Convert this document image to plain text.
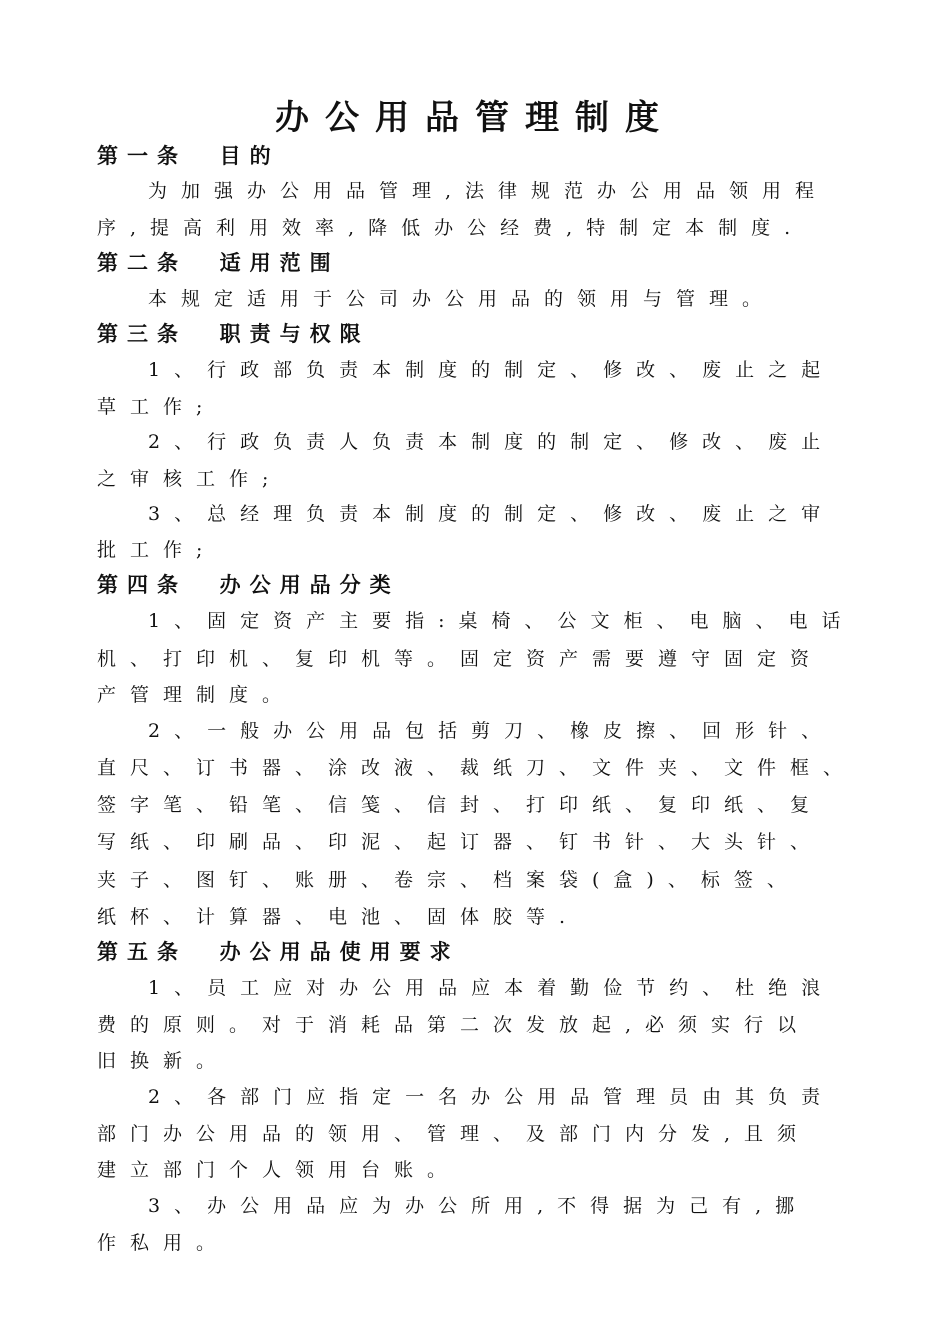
办公用品管理制度
第一条  目的
为加强办公用品管理,法律规范办公用品领用程
序,提高利用效率,降低办公经费,特制定本制度.
第二条  适用范围
本规定适用于公司办公用品的领用与管理。
第三条  职责与权限
1、行政部负责本制度的制定、修改、废止之起
草工作;
2、行政负责人负责本制度的制定、修改、废止
之审核工作;
3、总经理负责本制度的制定、修改、废止之审
批工作;
第四条  办公用品分类
1、固定资产主要指:桌椅、公文柜、电脑、电话
机、打印机、复印机等。固定资产需要遵守固定资
产管理制度。
2、一般办公用品包括剪刀、橡皮擦、回形针、
直尺、订书器、涂改液、裁纸刀、文件夹、文件框、
签字笔、铅笔、信笺、信封、打印纸、复印纸、复
写纸、印刷品、印泥、起订器、钉书针、大头针、
夹子、图钉、账册、卷宗、档案袋(盒)、标签、
纸杯、计算器、电池、固体胶等.
第五条  办公用品使用要求
1、员工应对办公用品应本着勤俭节约、杜绝浪
费的原则。对于消耗品第二次发放起,必须实行以
旧换新。
2、各部门应指定一名办公用品管理员由其负责
部门办公用品的领用、管理、及部门内分发,且须
建立部门个人领用台账。
3、办公用品应为办公所用,不得据为己有,挪
作私用。
